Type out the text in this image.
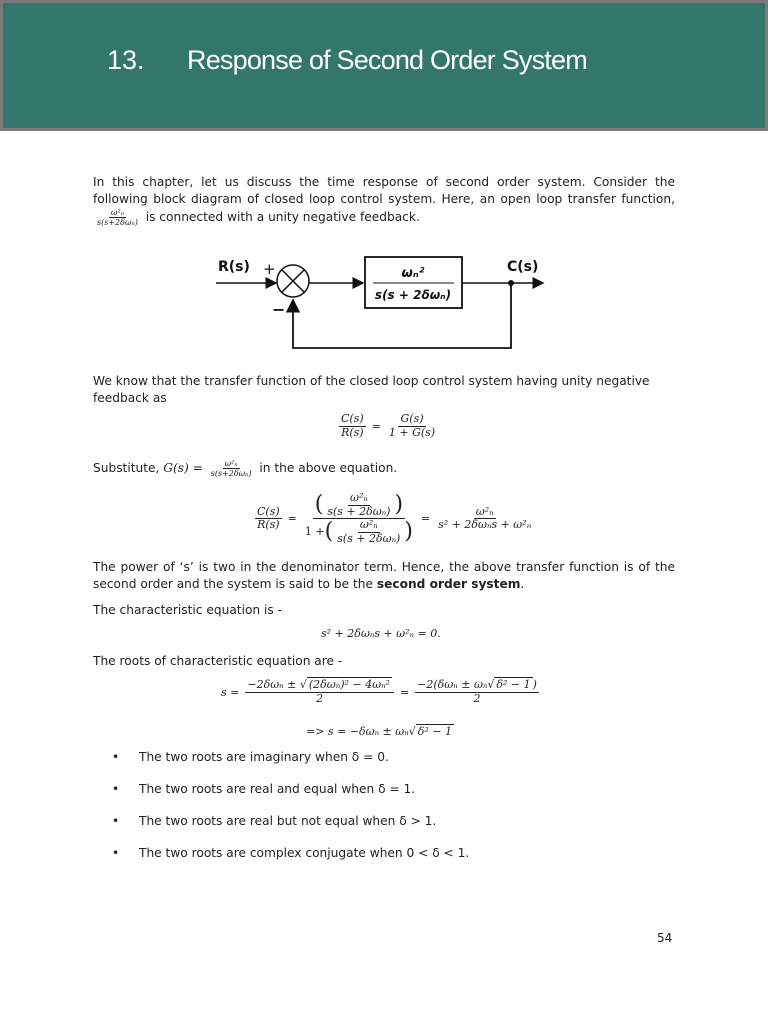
13. Response of Second Order System

In this chapter, let us discuss the time response of second order system. Consider the following block diagram of closed loop control system. Here, an open loop transfer function,
$\frac{\text{ω²ₙ}}{\text{s(s+2δωₙ)}}$ is connected with a unity negative feedback.

R(s) +
−
ωₙ²
s(s + 2δωₙ)
C(s)

We know that the transfer function of the closed loop control system having unity negative feedback as

$\frac{C(s)}{R(s)} = \frac{G(s)}{1 + G(s)}$

Substitute, $G(s) = \frac{\text{ω²ₙ}}{\text{s(s+2δωₙ)}}$ in the above equation.

$\frac{C(s)}{R(s)} = \frac{( \frac{\text{ω²ₙ}}{\text{s(s + 2δωₙ)}} )}{1 + ( \frac{\text{ω²ₙ}}{\text{s(s + 2δωₙ)}} )} = \frac{\text{ω²ₙ}}{\text{s² + 2δωₙs + ω²ₙ}}$

The power of ‘s’ is two in the denominator term. Hence, the above transfer function is of the second order and the system is said to be the second order system.

The characteristic equation is -

s² + 2δωₙs + ω²ₙ = 0.

The roots of characteristic equation are -

$s = \frac{\text{−2δωₙ ± √ (2δωₙ)² − 4ωₙ²}}{2} = \frac{\text{−2(δωₙ ± ωₙ√ δ² − 1 )}}{2}$
=> s = −δωₙ ± ωₙ √ δ² − 1
• The two roots are imaginary when δ = 0.
• The two roots are real and equal when δ = 1.
• The two roots are real but not equal when δ > 1.
• The two roots are complex conjugate when 0 < δ < 1.
54
